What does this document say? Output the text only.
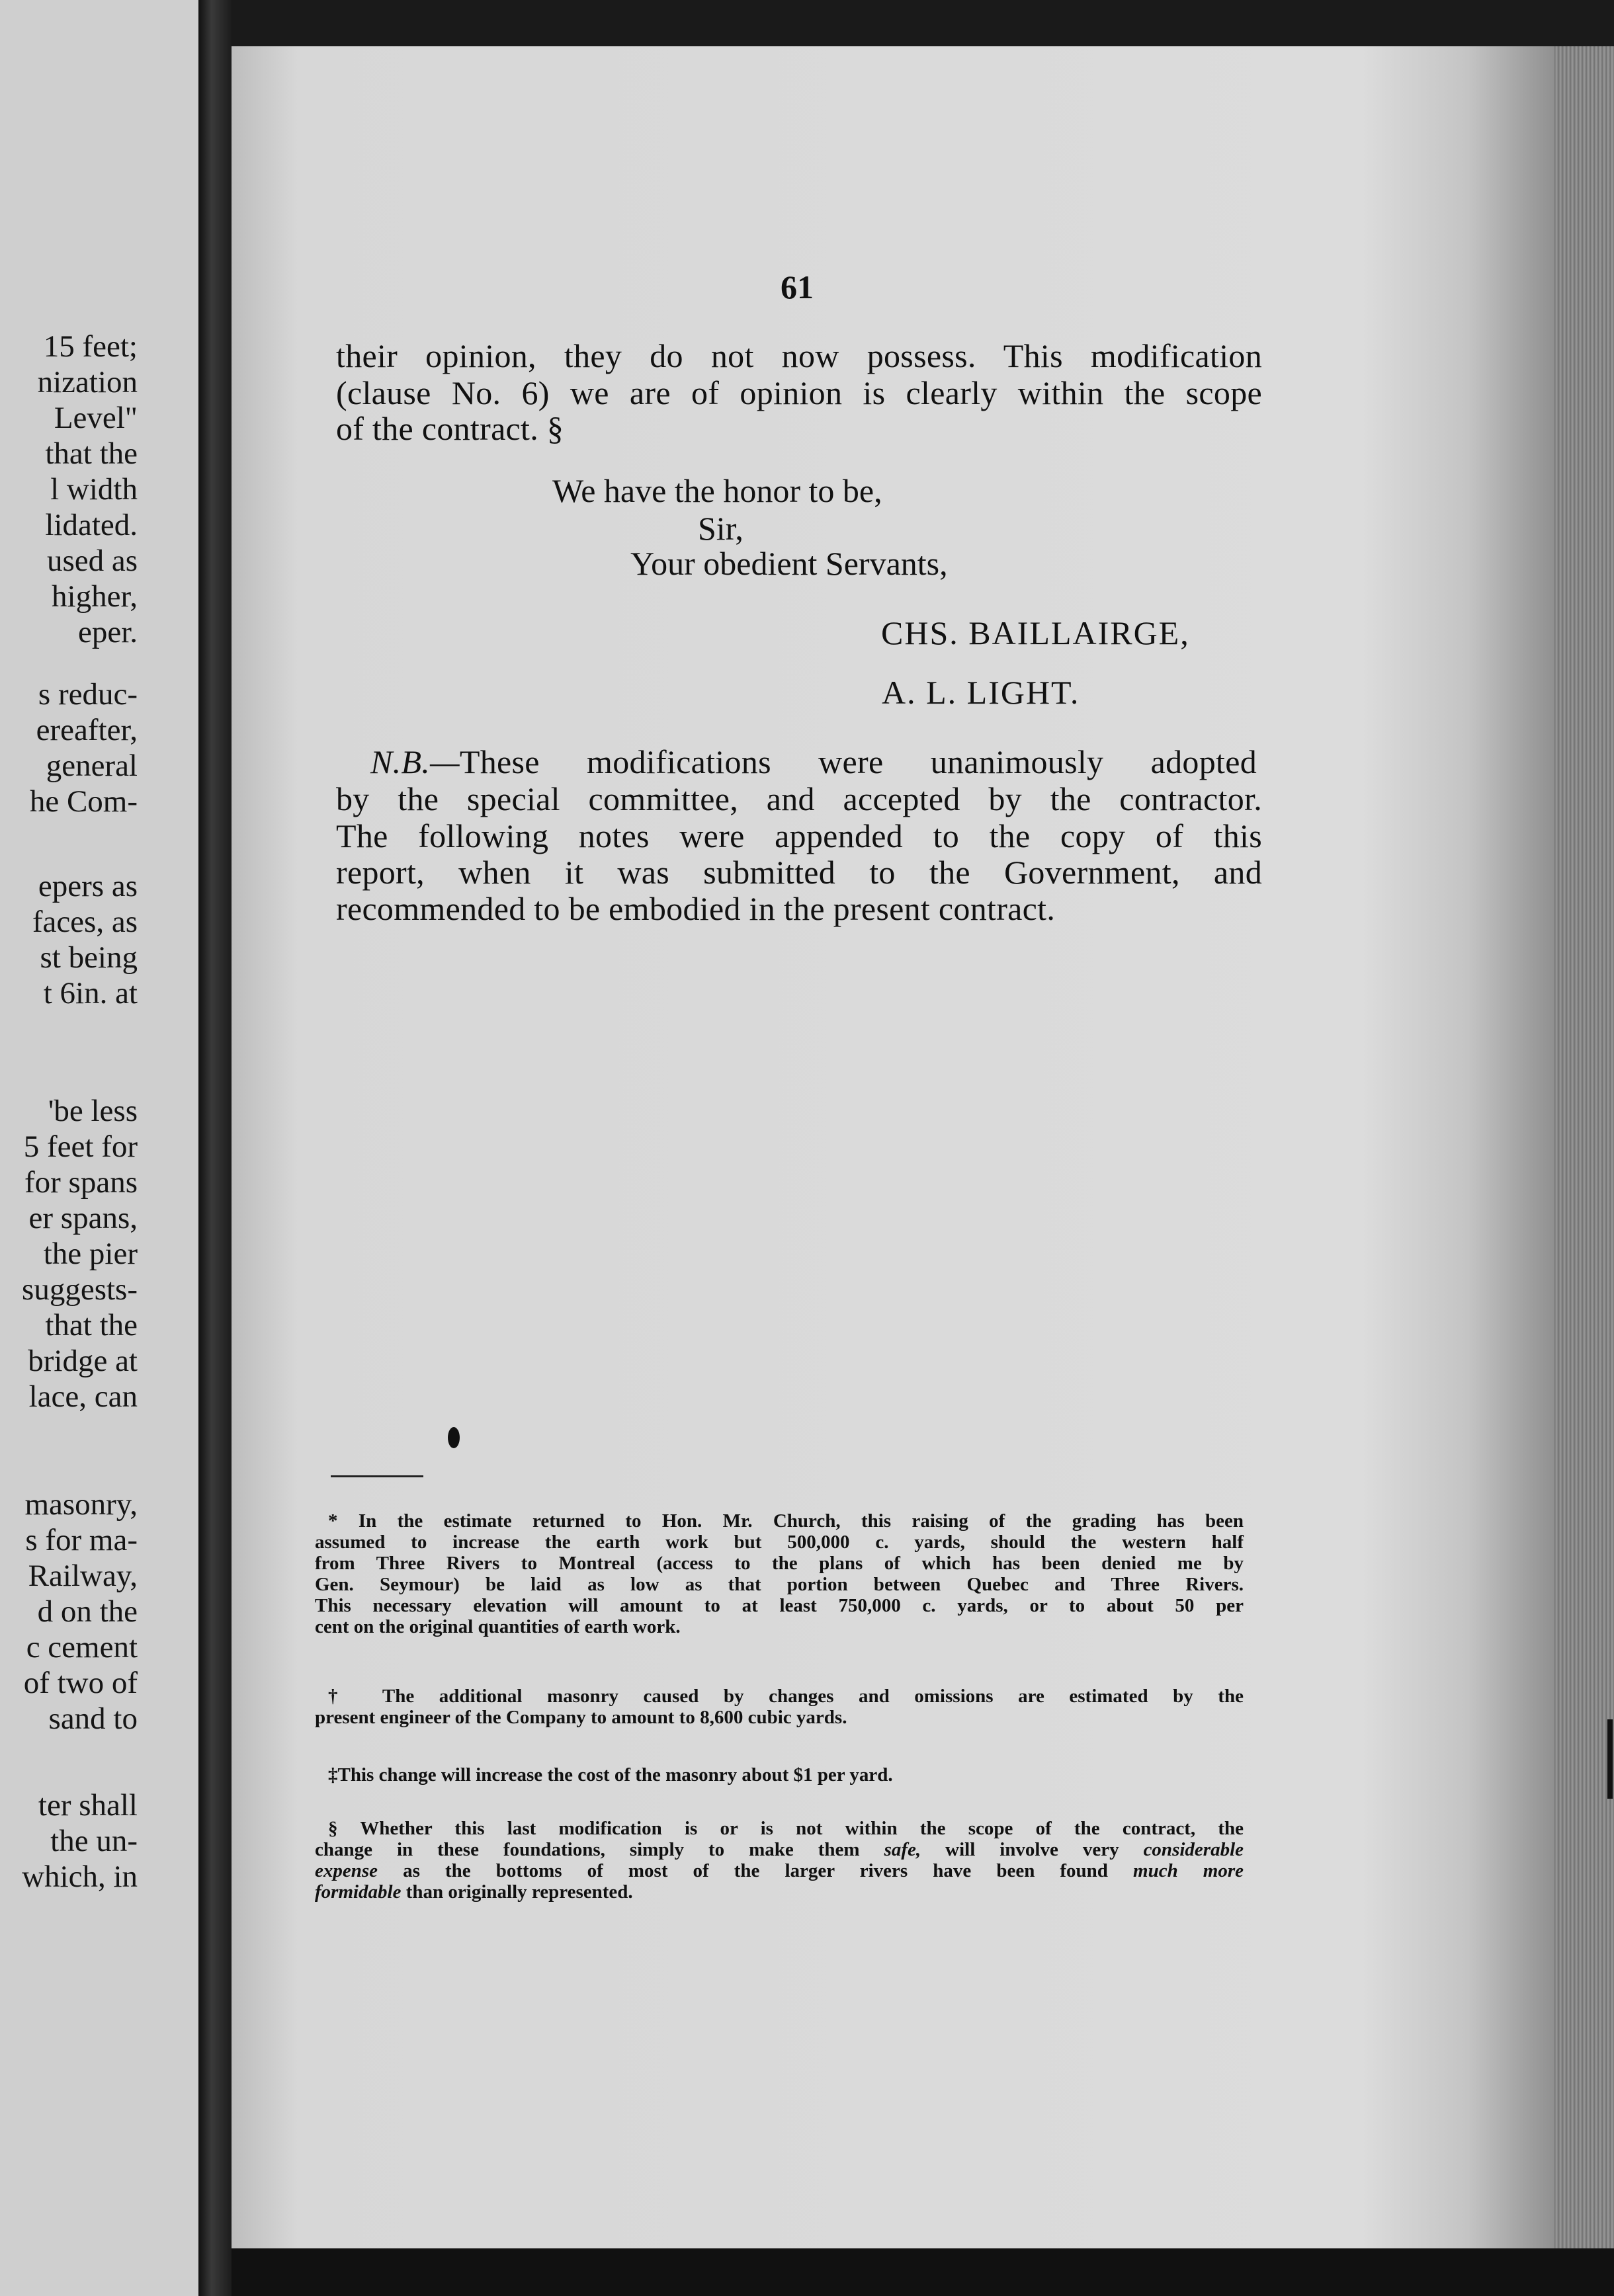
15 feet;
nization
Level"
that the
l width
lidated.
used as
higher,
eper.
s reduc-
ereafter,
general
he Com-
epers as
faces, as
st being
t 6in. at
'be less
5 feet for
for spans
er spans,
the pier
suggests-
that the
bridge at
lace, can
masonry,
s for ma-
Railway,
d on the
c cement
of two of
sand to
ter shall
the un-
which, in
61
their opinion, they do not now possess. This modification
(clause No. 6) we are of opinion is clearly within the scope
of the contract. §
We have the honor to be,
Sir,
Your obedient Servants,
CHS. BAILLAIRGE,
A. L. LIGHT.
N.B.—These modifications were unanimously adopted
by the special committee, and accepted by the contractor.
The following notes were appended to the copy of this
report, when it was submitted to the Government, and
recommended to be embodied in the present contract.
* In the estimate returned to Hon. Mr. Church, this raising of the grading has been
assumed to increase the earth work but 500,000 c. yards, should the western half
from Three Rivers to Montreal (access to the plans of which has been denied me by
Gen. Seymour) be laid as low as that portion between Quebec and Three Rivers.
This necessary elevation will amount to at least 750,000 c. yards, or to about 50 per
cent on the original quantities of earth work.
† The additional masonry caused by changes and omissions are estimated by the
present engineer of the Company to amount to 8,600 cubic yards.
‡This change will increase the cost of the masonry about $1 per yard.
§ Whether this last modification is or is not within the scope of the contract, the
change in these foundations, simply to make them safe, will involve very considerable
expense as the bottoms of most of the larger rivers have been found much more
formidable than originally represented.
